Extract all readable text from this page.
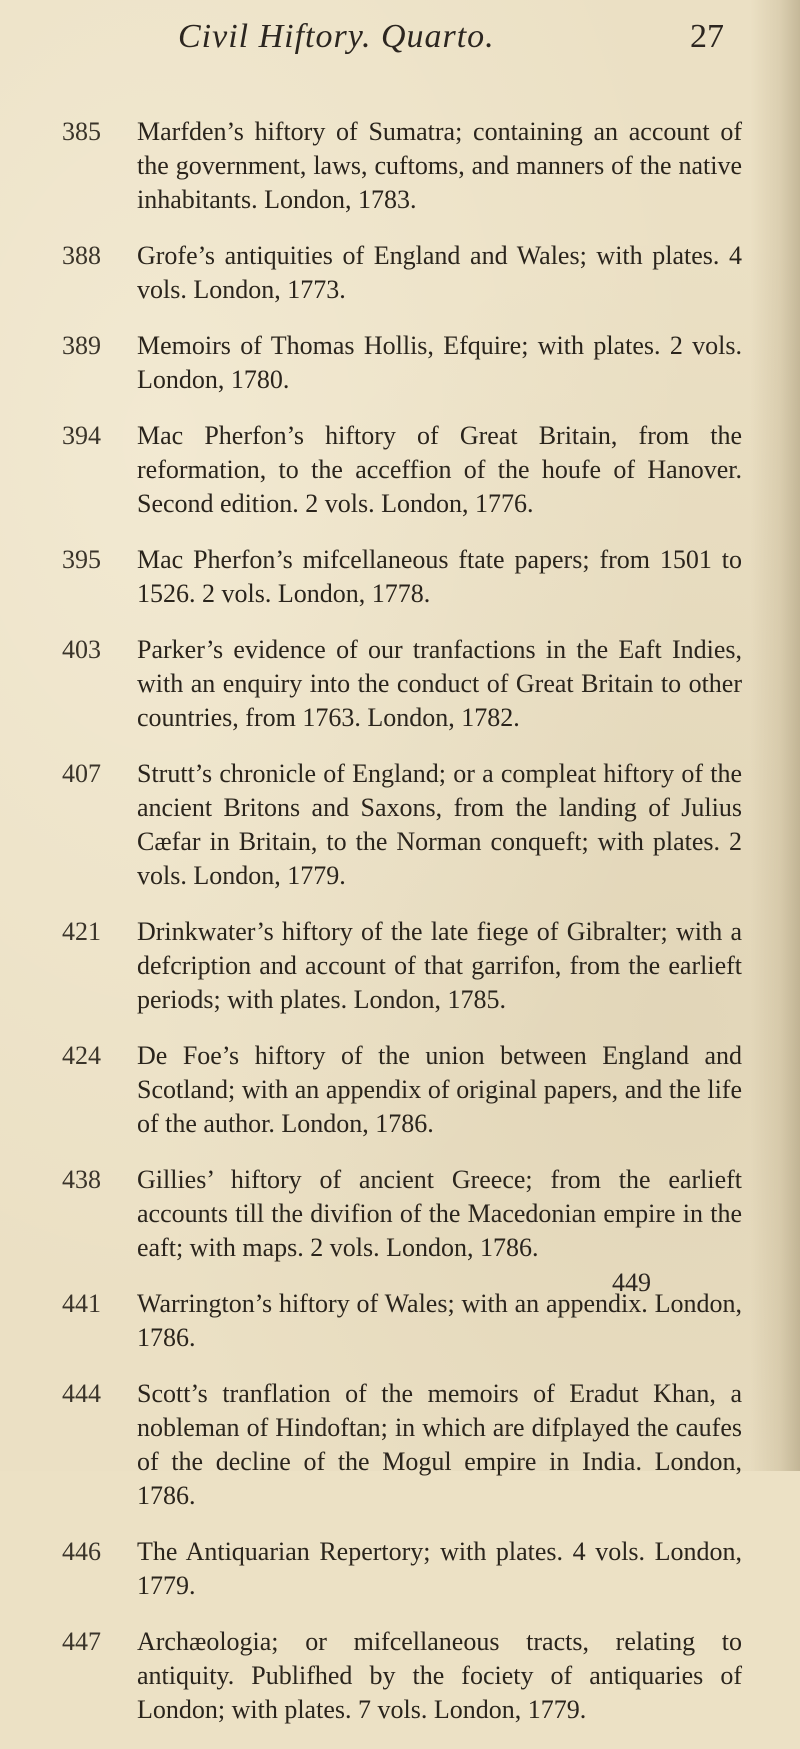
Civil Hiftory. Quarto.	27
385	Marfden’s hiftory of Sumatra; containing an account of the government, laws, cuftoms, and manners of the native inhabitants. London, 1783.
388	Grofe’s antiquities of England and Wales; with plates. 4 vols. London, 1773.
389	Memoirs of Thomas Hollis, Efquire; with plates. 2 vols. London, 1780.
394	Mac Pherfon’s hiftory of Great Britain, from the reformation, to the acceffion of the houfe of Hanover. Second edition. 2 vols. London, 1776.
395	Mac Pherfon’s mifcellaneous ftate papers; from 1501 to 1526. 2 vols. London, 1778.
403	Parker’s evidence of our tranfactions in the Eaft Indies, with an enquiry into the conduct of Great Britain to other countries, from 1763. London, 1782.
407	Strutt’s chronicle of England; or a compleat hiftory of the ancient Britons and Saxons, from the landing of Julius Cæfar in Britain, to the Norman conqueft; with plates. 2 vols. London, 1779.
421	Drinkwater’s hiftory of the late fiege of Gibralter; with a defcription and account of that garrifon, from the earlieft periods; with plates. London, 1785.
424	De Foe’s hiftory of the union between England and Scotland; with an appendix of original papers, and the life of the author. London, 1786.
438	Gillies’ hiftory of ancient Greece; from the earlieft accounts till the divifion of the Macedonian empire in the eaft; with maps. 2 vols. London, 1786.
441	Warrington’s hiftory of Wales; with an appendix. London, 1786.
444	Scott’s tranflation of the memoirs of Eradut Khan, a nobleman of Hindoftan; in which are difplayed the caufes of the decline of the Mogul empire in India. London, 1786.
446	The Antiquarian Repertory; with plates. 4 vols. London, 1779.
447	Archæologia; or mifcellaneous tracts, relating to antiquity. Publifhed by the fociety of antiquaries of London; with plates. 7 vols. London, 1779.
449
